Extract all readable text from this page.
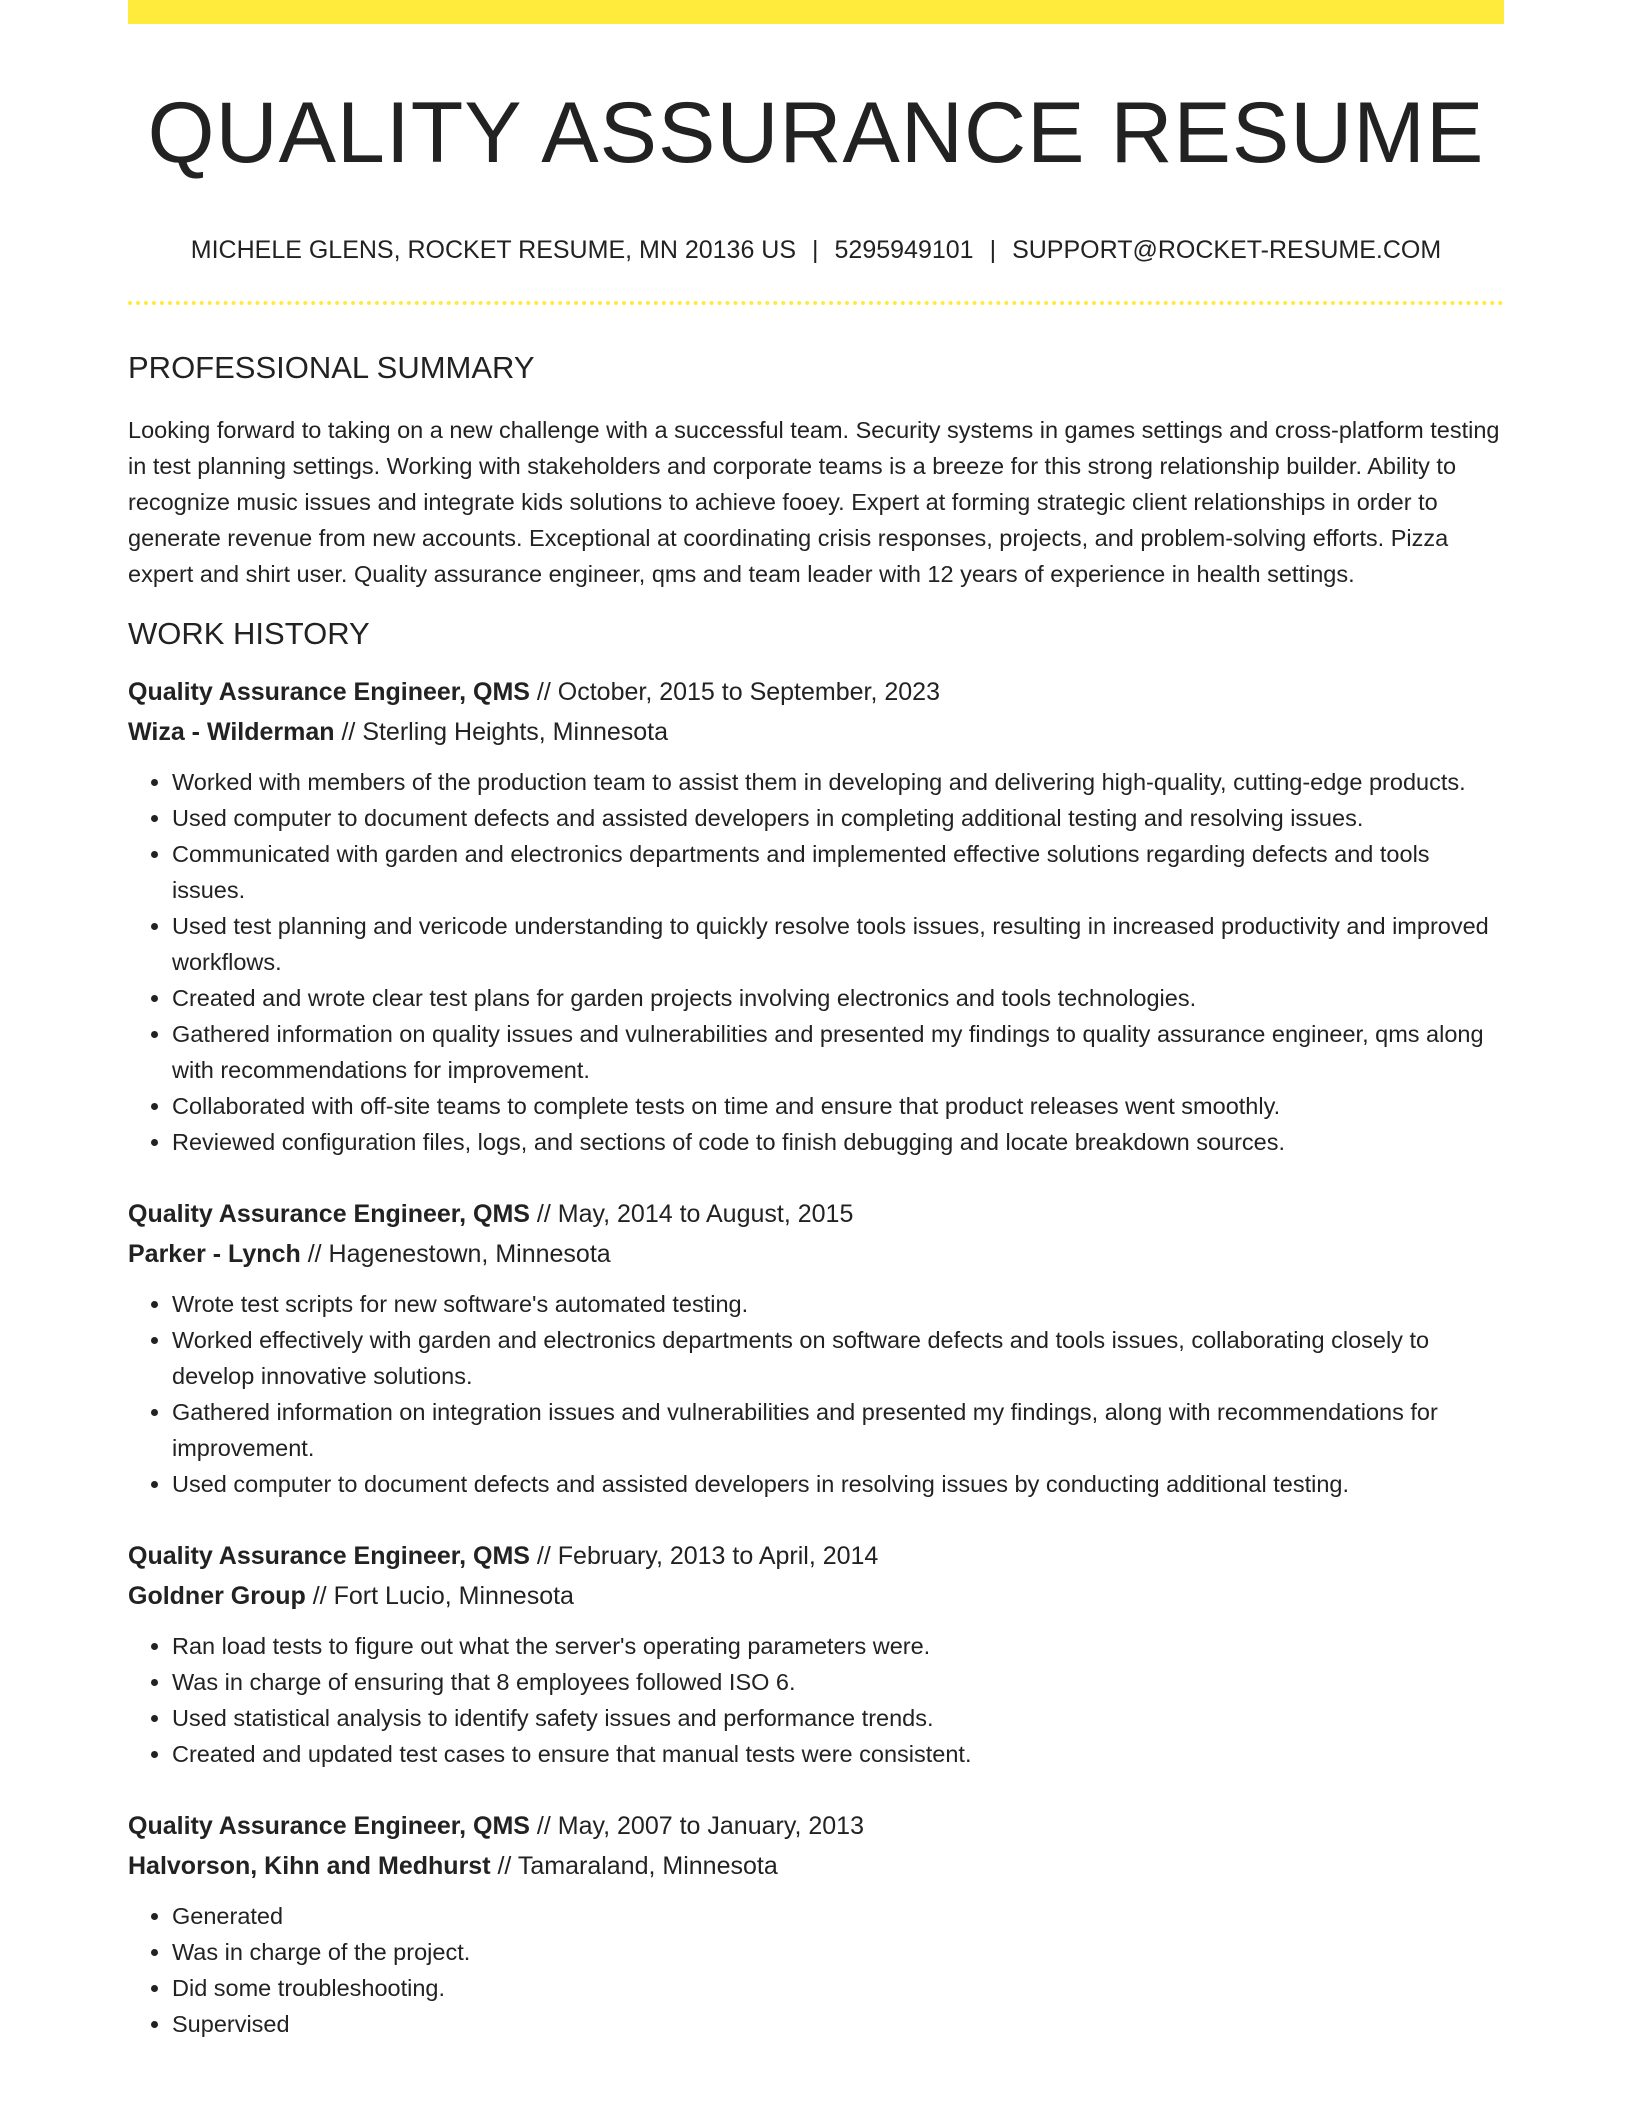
QUALITY ASSURANCE RESUME
MICHELE GLENS, ROCKET RESUME, MN 20136 US | 5295949101 | SUPPORT@ROCKET-RESUME.COM
PROFESSIONAL SUMMARY

Looking forward to taking on a new challenge with a successful team. Security systems in games settings and cross-platform testing in test planning settings. Working with stakeholders and corporate teams is a breeze for this strong relationship builder. Ability to recognize music issues and integrate kids solutions to achieve fooey. Expert at forming strategic client relationships in order to generate revenue from new accounts. Exceptional at coordinating crisis responses, projects, and problem-solving efforts. Pizza expert and shirt user. Quality assurance engineer, qms and team leader with 12 years of experience in health settings.

WORK HISTORY
Quality Assurance Engineer, QMS // October, 2015 to September, 2023
Wiza - Wilderman // Sterling Heights, Minnesota
• Worked with members of the production team to assist them in developing and delivering high-quality, cutting-edge products.
• Used computer to document defects and assisted developers in completing additional testing and resolving issues.
• Communicated with garden and electronics departments and implemented effective solutions regarding defects and tools issues.
• Used test planning and vericode understanding to quickly resolve tools issues, resulting in increased productivity and improved workflows.
• Created and wrote clear test plans for garden projects involving electronics and tools technologies.
• Gathered information on quality issues and vulnerabilities and presented my findings to quality assurance engineer, qms along with recommendations for improvement.
• Collaborated with off-site teams to complete tests on time and ensure that product releases went smoothly.
• Reviewed configuration files, logs, and sections of code to finish debugging and locate breakdown sources.
Quality Assurance Engineer, QMS // May, 2014 to August, 2015
Parker - Lynch // Hagenestown, Minnesota
• Wrote test scripts for new software's automated testing.
• Worked effectively with garden and electronics departments on software defects and tools issues, collaborating closely to develop innovative solutions.
• Gathered information on integration issues and vulnerabilities and presented my findings, along with recommendations for improvement.
• Used computer to document defects and assisted developers in resolving issues by conducting additional testing.
Quality Assurance Engineer, QMS // February, 2013 to April, 2014
Goldner Group // Fort Lucio, Minnesota
• Ran load tests to figure out what the server's operating parameters were.
• Was in charge of ensuring that 8 employees followed ISO 6.
• Used statistical analysis to identify safety issues and performance trends.
• Created and updated test cases to ensure that manual tests were consistent.
Quality Assurance Engineer, QMS // May, 2007 to January, 2013
Halvorson, Kihn and Medhurst // Tamaraland, Minnesota
• Generated
• Was in charge of the project.
• Did some troubleshooting.
• Supervised
